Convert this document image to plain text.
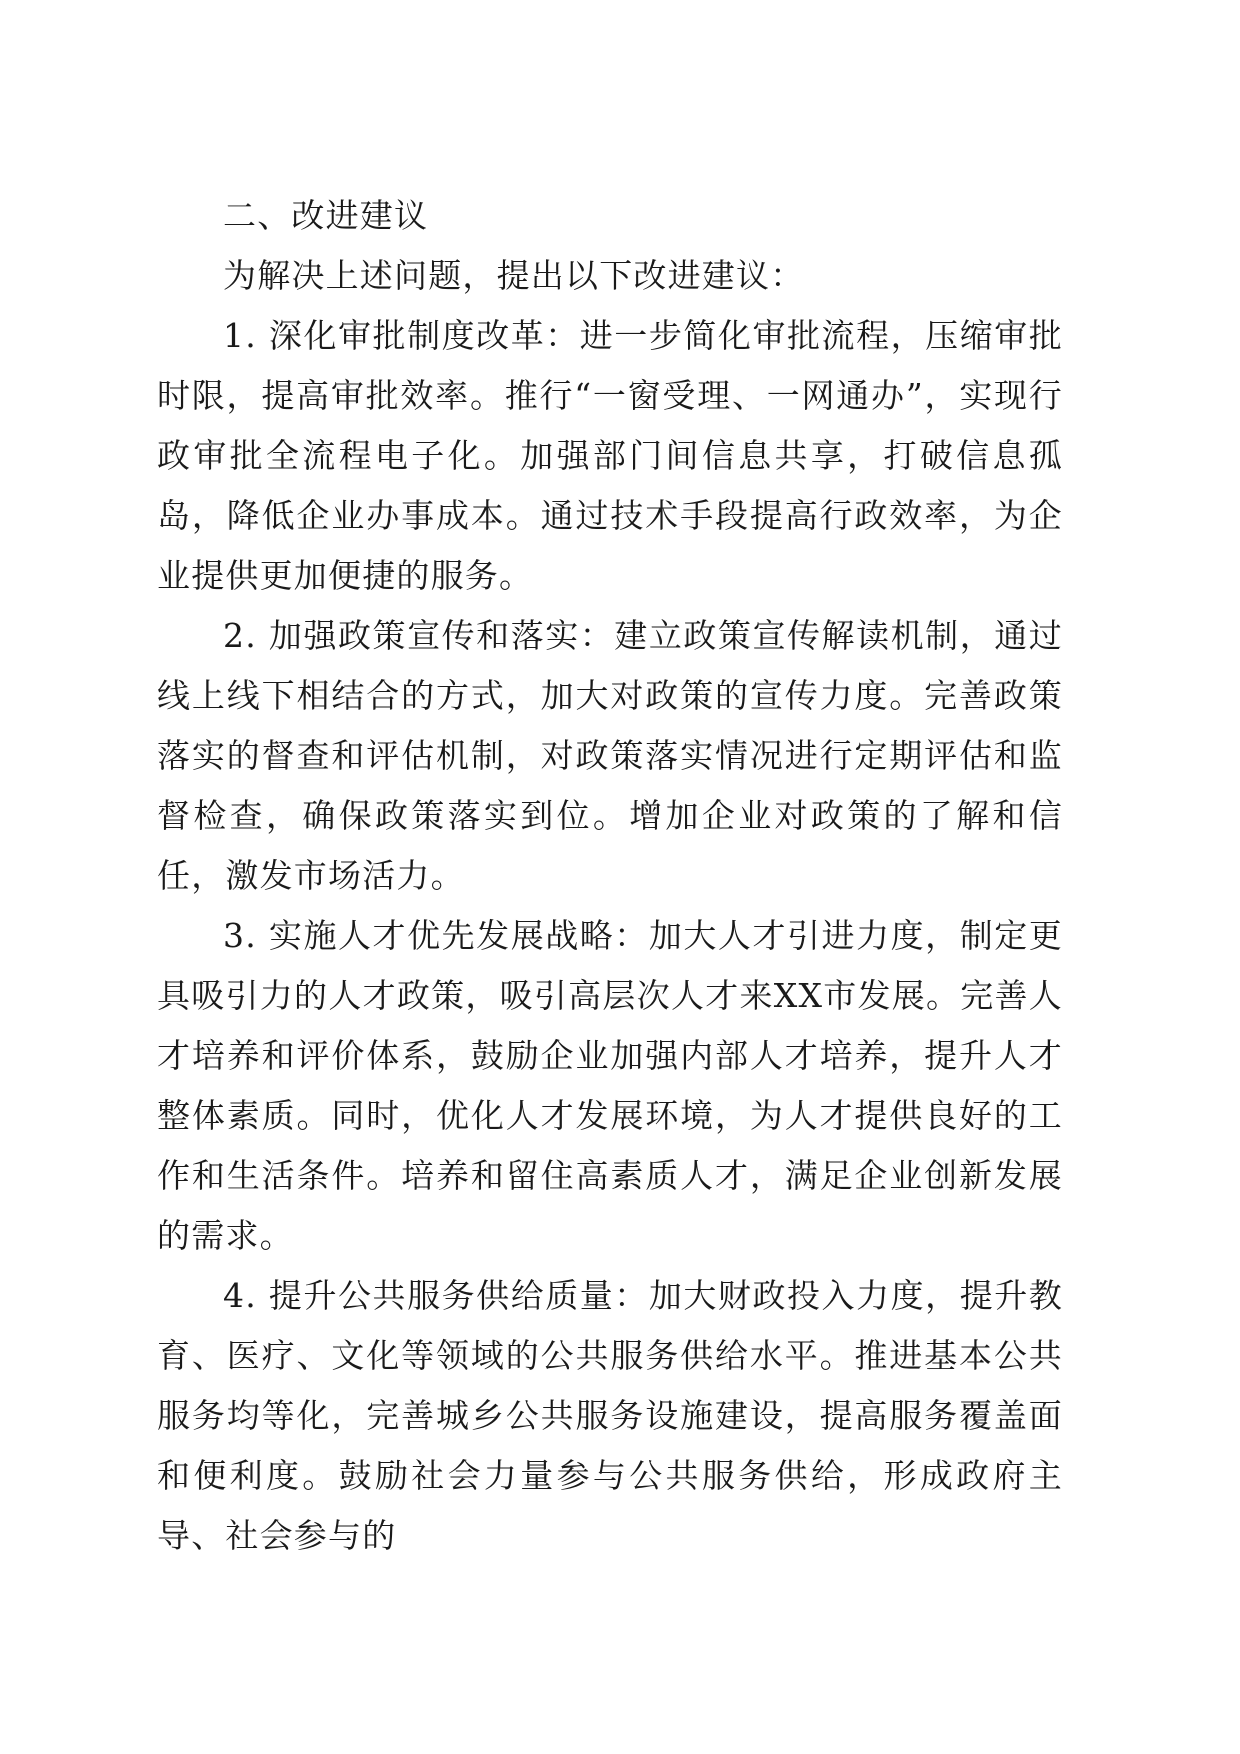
二、改进建议

为解决上述问题，提出以下改进建议：

1. 深化审批制度改革：进一步简化审批流程，压缩审批时限，提高审批效率。推行“一窗受理、一网通办”，实现行政审批全流程电子化。加强部门间信息共享，打破信息孤岛，降低企业办事成本。通过技术手段提高行政效率，为企业提供更加便捷的服务。

2. 加强政策宣传和落实：建立政策宣传解读机制，通过线上线下相结合的方式，加大对政策的宣传力度。完善政策落实的督查和评估机制，对政策落实情况进行定期评估和监督检查，确保政策落实到位。增加企业对政策的了解和信任，激发市场活力。

3. 实施人才优先发展战略：加大人才引进力度，制定更具吸引力的人才政策，吸引高层次人才来XX市发展。完善人才培养和评价体系，鼓励企业加强内部人才培养，提升人才整体素质。同时，优化人才发展环境，为人才提供良好的工作和生活条件。培养和留住高素质人才，满足企业创新发展的需求。

4. 提升公共服务供给质量：加大财政投入力度，提升教育、医疗、文化等领域的公共服务供给水平。推进基本公共服务均等化，完善城乡公共服务设施建设，提高服务覆盖面和便利度。鼓励社会力量参与公共服务供给，形成政府主导、社会参与的
